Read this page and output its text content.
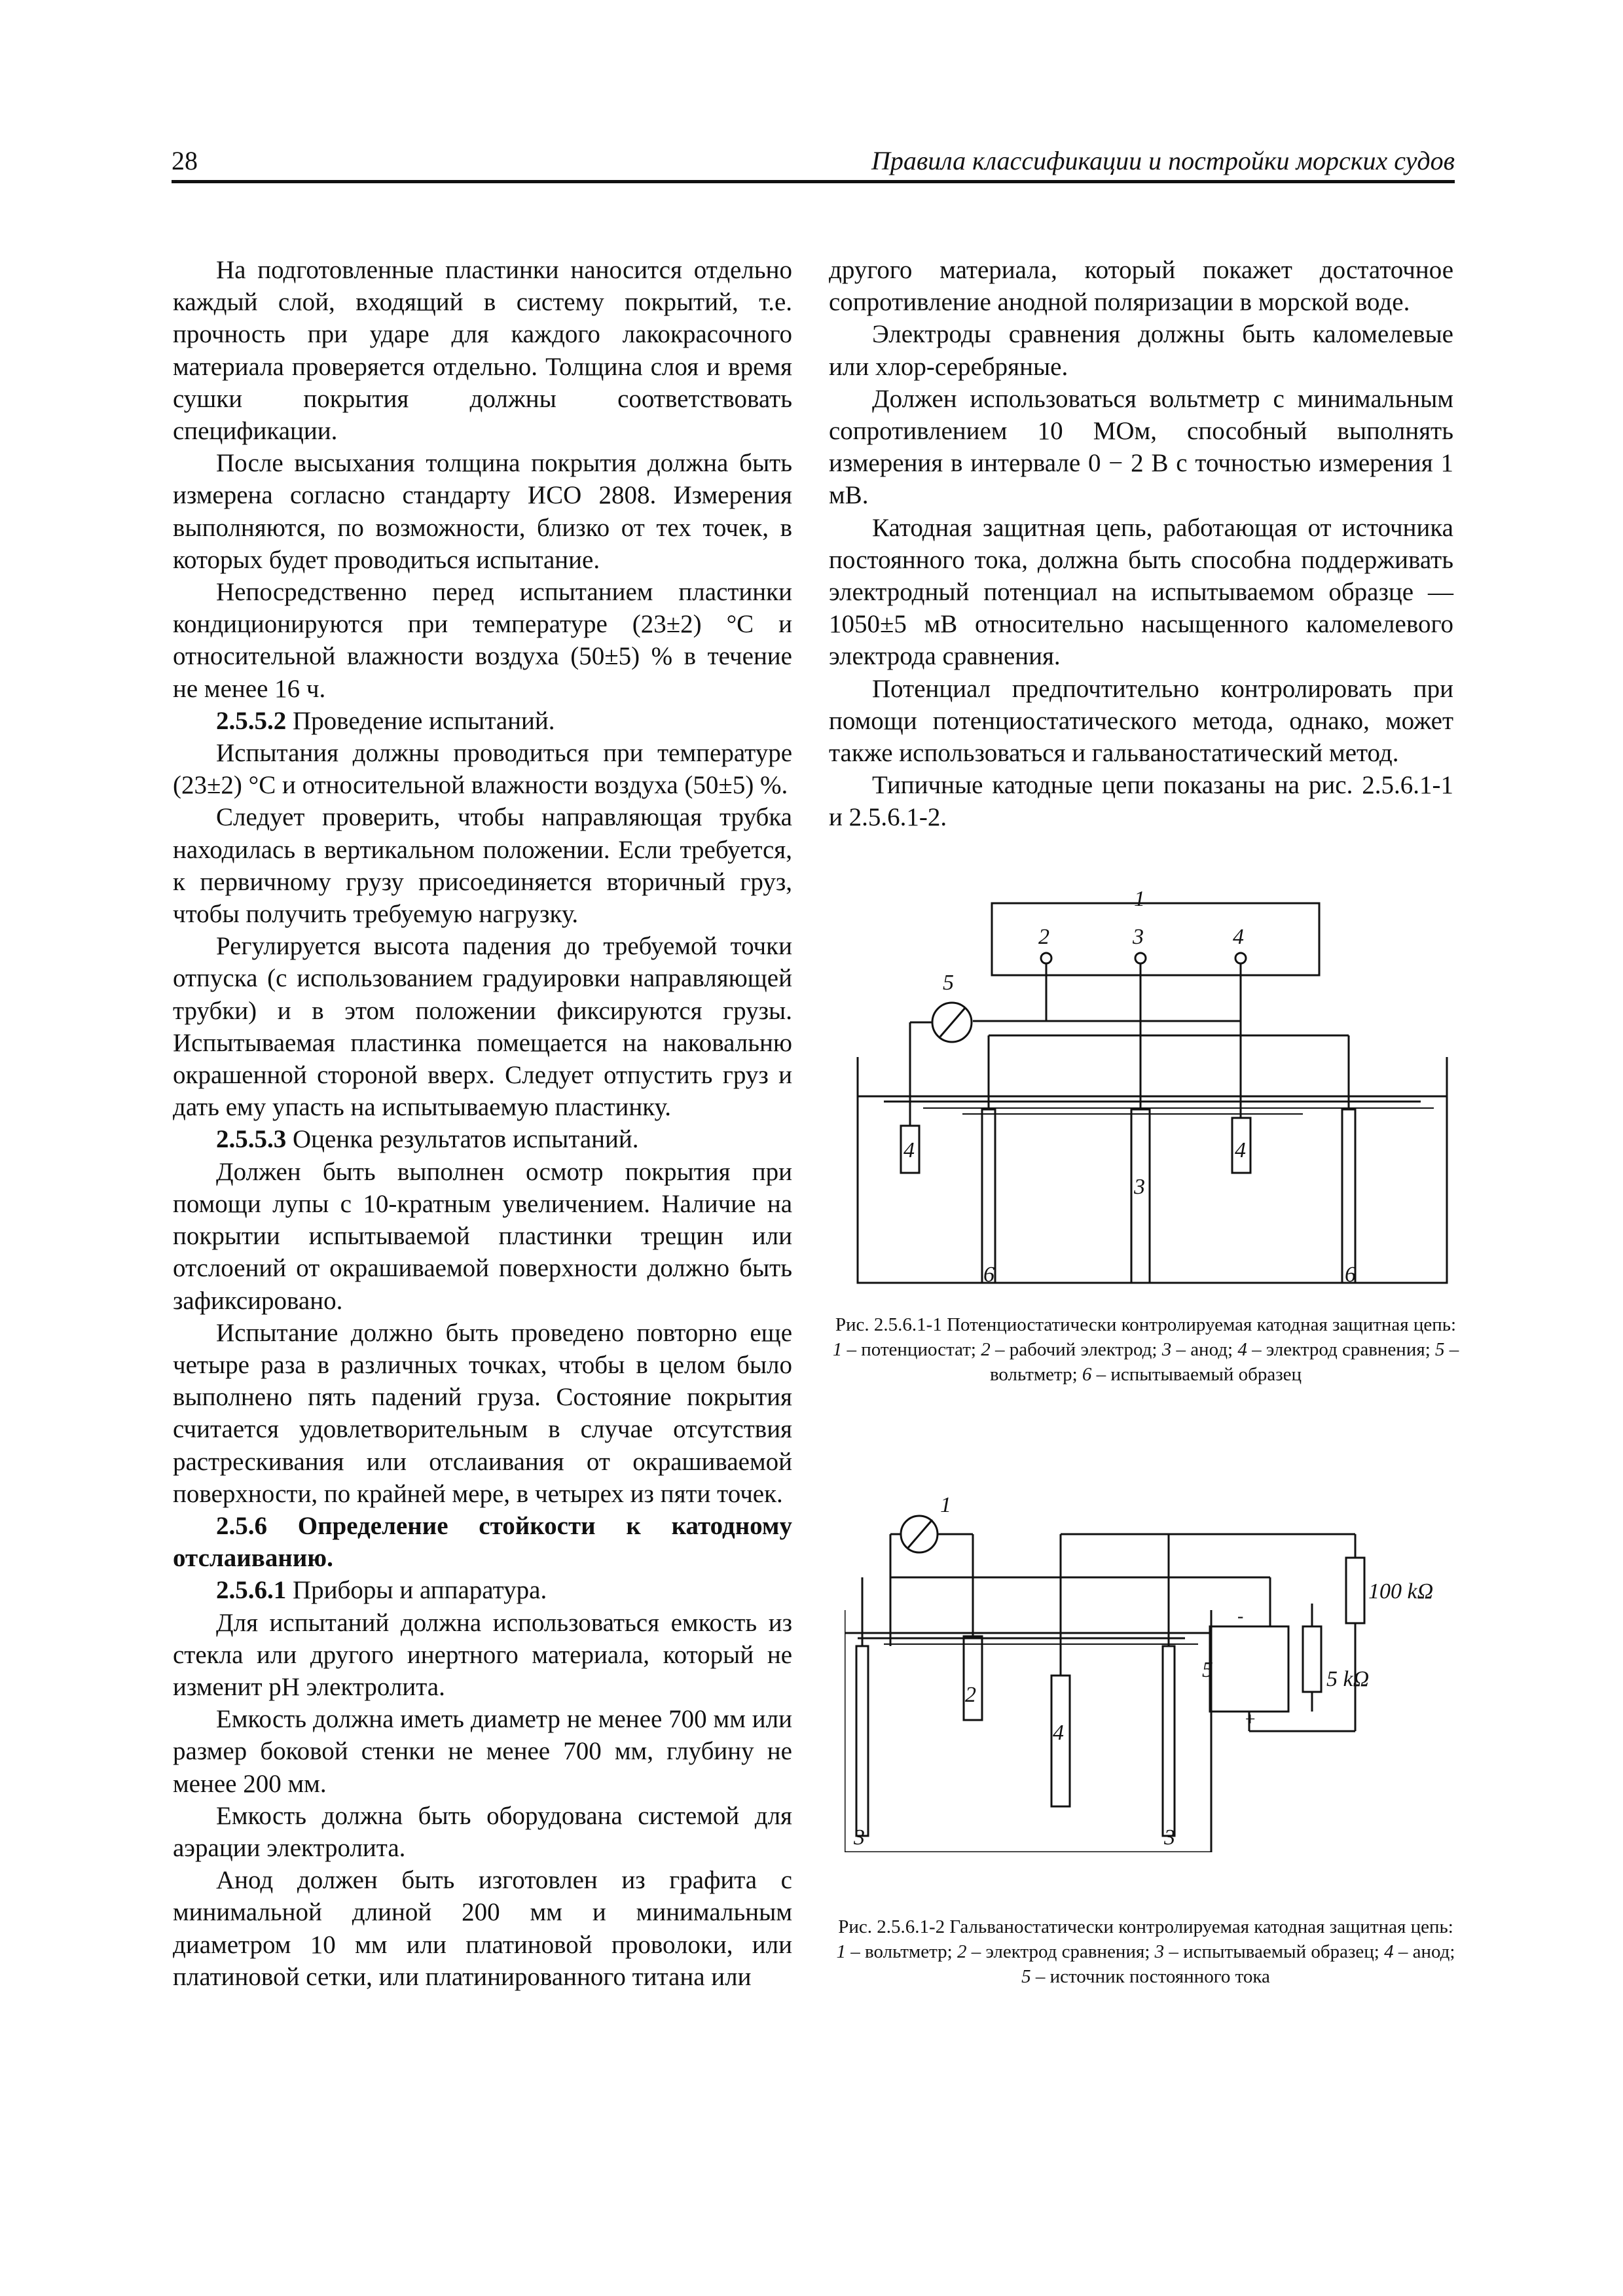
28	Правила классификации и постройки морских судов

На подготовленные пластинки наносится отдельно каждый слой, входящий в систему покрытий, т.е. прочность при ударе для каждого лакокрасочного материала проверяется отдельно. Толщина слоя и время сушки покрытия должны соответствовать спецификации.

После высыхания толщина покрытия должна быть измерена согласно стандарту ИСО 2808. Измерения выполняются, по возможности, близко от тех точек, в которых будет проводиться испытание.

Непосредственно перед испытанием пластинки кондиционируются при температуре (23±2) °С и относительной влажности воздуха (50±5) % в течение не менее 16 ч.

2.5.5.2 Проведение испытаний.

Испытания должны проводиться при температуре (23±2) °С и относительной влажности воздуха (50±5) %.

Следует проверить, чтобы направляющая трубка находилась в вертикальном положении. Если требуется, к первичному грузу присоединяется вторичный груз, чтобы получить требуемую нагрузку.

Регулируется высота падения до требуемой точки отпуска (с использованием градуировки направляющей трубки) и в этом положении фиксируются грузы. Испытываемая пластинка помещается на наковальню окрашенной стороной вверх. Следует отпустить груз и дать ему упасть на испытываемую пластинку.

2.5.5.3 Оценка результатов испытаний.

Должен быть выполнен осмотр покрытия при помощи лупы с 10-кратным увеличением. Наличие на покрытии испытываемой пластинки трещин или отслоений от окрашиваемой поверхности должно быть зафиксировано.

Испытание должно быть проведено повторно еще четыре раза в различных точках, чтобы в целом было выполнено пять падений груза. Состояние покрытия считается удовлетворительным в случае отсутствия растрескивания или отслаивания от окрашиваемой поверхности, по крайней мере, в четырех из пяти точек.

2.5.6 Определение стойкости к катодному отслаиванию.

2.5.6.1 Приборы и аппаратура.

Для испытаний должна использоваться емкость из стекла или другого инертного материала, который не изменит pH электролита.

Емкость должна иметь диаметр не менее 700 мм или размер боковой стенки не менее 700 мм, глубину не менее 200 мм.

Емкость должна быть оборудована системой для аэрации электролита.

Анод должен быть изготовлен из графита с минимальной длиной 200 мм и минимальным диаметром 10 мм или платиновой проволоки, или платиновой сетки, или платинированного титана или

другого материала, который покажет достаточное сопротивление анодной поляризации в морской воде.

Электроды сравнения должны быть каломелевые или хлор-серебряные.

Должен использоваться вольтметр с минимальным сопротивлением 10 МОм, способный выполнять измерения в интервале 0 − 2 В с точностью измерения 1 мВ.

Катодная защитная цепь, работающая от источника постоянного тока, должна быть способна поддерживать электродный потенциал на испытываемом образце — 1050±5 мВ относительно насыщенного каломелевого электрода сравнения.

Потенциал предпочтительно контролировать при помощи потенциостатического метода, однако, может также использоваться и гальваностатический метод.

Типичные катодные цепи показаны на рис. 2.5.6.1-1 и 2.5.6.1-2.

1
2	3	4
5
4	4
3
6	6

Рис. 2.5.6.1-1 Потенциостатически контролируемая катодная защитная цепь:

1 – потенциостат; 2 – рабочий электрод; 3 – анод; 4 – электрод сравнения; 5 – вольтметр; 6 – испытываемый образец

1
2
4
3	3
5
100 kΩ
5 kΩ
-
+

Рис. 2.5.6.1-2 Гальваностатически контролируемая катодная защитная цепь:

1 – вольтметр; 2 – электрод сравнения; 3 – испытываемый образец; 4 – анод; 5 – источник постоянного тока
